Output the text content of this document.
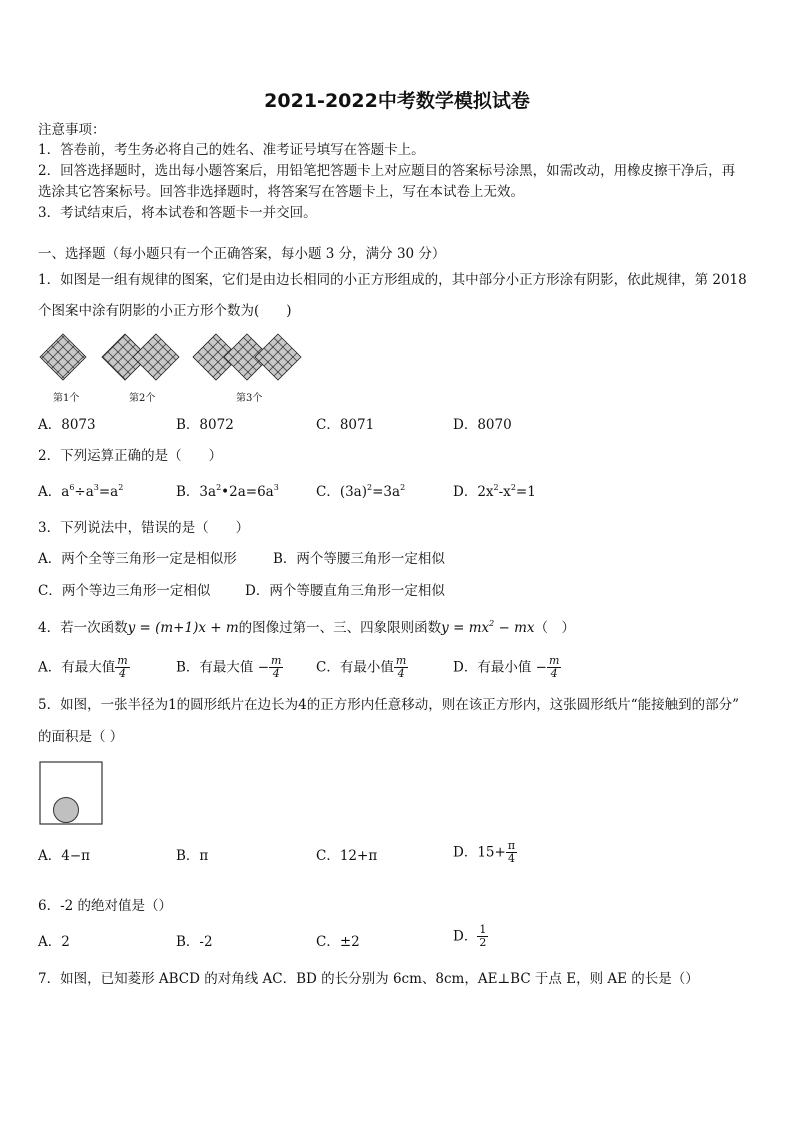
2021-2022中考数学模拟试卷
注意事项：
1．答卷前，考生务必将自己的姓名、准考证号填写在答题卡上。
2．回答选择题时，选出每小题答案后，用铅笔把答题卡上对应题目的答案标号涂黑，如需改动，用橡皮擦干净后，再
选涂其它答案标号。回答非选择题时，将答案写在答题卡上，写在本试卷上无效。
3．考试结束后，将本试卷和答题卡一并交回。
一、选择题（每小题只有一个正确答案，每小题 3 分，满分 30 分）
1．如图是一组有规律的图案，它们是由边长相同的小正方形组成的，其中部分小正方形涂有阴影，依此规律，第 2018
个图案中涂有阴影的小正方形个数为(　　)
第1个	第2个	第3个
A．8073	B．8072	C．8071	D．8070
2．下列运算正确的是（　　）
A．$a^6\div a^3=a^2$	B．$3a^2•2a=6a^3$	C．$(3a)^2=3a^2$	D．$2x^2-x^2=1$
3．下列说法中，错误的是（　　）
A．两个全等三角形一定是相似形	B．两个等腰三角形一定相似
C．两个等边三角形一定相似	D．两个等腰直角三角形一定相似
4．若一次函数y = (m+1)x + m的图像过第一、三、四象限则函数$y = mx^2 - mx$（　）
A．有最大值 $\frac{m}{4}$	B．有最大值 − $\frac{m}{4}$ C．有最小值 $\frac{m}{4}$	D．有最小值 − $\frac{m}{4}$
5．如图，一张半径为1的圆形纸片在边长为4的正方形内任意移动，则在该正方形内，这张圆形纸片“能接触到的部分”
的面积是（ ）
A．4−π	B．π	C．12+π	D．$15+ \frac{\pi}{4}$
6．-2 的绝对值是（）
A．2	B．-2	C．±2	D． $\frac{1}{2}$
7．如图，已知菱形 ABCD 的对角线 AC．BD 的长分别为 6cm、8cm，AE⊥BC 于点 E，则 AE 的长是（）
